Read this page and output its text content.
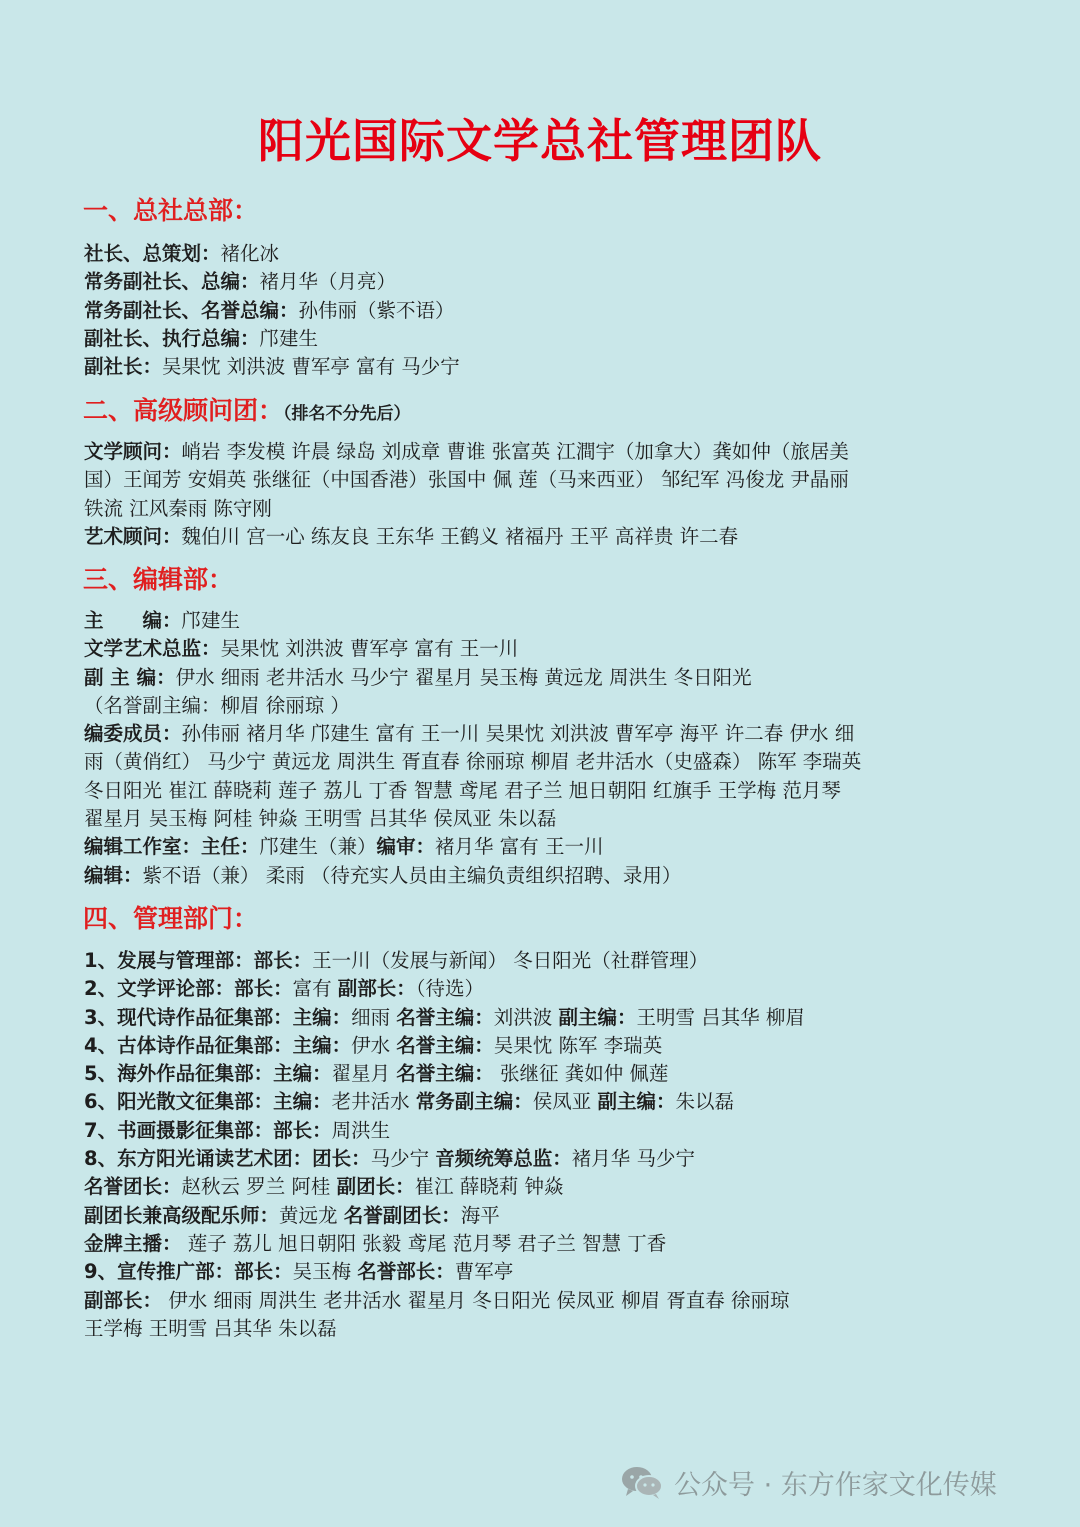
阳光国际文学总社管理团队
一、总社总部：
社长、总策划：褚化冰
常务副社长、总编：褚月华（月亮）
常务副社长、名誉总编：孙伟丽（紫不语）
副社长、执行总编：邝建生
副社长：吴果忱 刘洪波 曹军亭 富有 马少宁
二、高级顾问团：（排名不分先后）
文学顾问：峭岩 李发模 许晨 绿岛 刘成章 曹谁 张富英 江澗宇（加拿大）龚如仲（旅居美
国）王闻芳 安娟英 张继征（中国香港）张国中 佩 莲（马来西亚） 邹纪军 冯俊龙 尹晶丽
铁流 江风秦雨 陈守刚
艺术顾问：魏伯川 宫一心 练友良 王东华 王鹤义 褚福丹 王平 高祥贵 许二春
三、编辑部：
主　　编：邝建生
文学艺术总监：吴果忱 刘洪波 曹军亭 富有 王一川
副 主 编：伊水 细雨 老井活水 马少宁 翟星月 吴玉梅 黄远龙 周洪生 冬日阳光
（名誉副主编：柳眉 徐丽琼 ）
编委成员：孙伟丽 褚月华 邝建生 富有 王一川 吴果忱 刘洪波 曹军亭 海平 许二春 伊水 细
雨（黄俏红） 马少宁 黄远龙 周洪生 胥直春 徐丽琼 柳眉 老井活水（史盛森） 陈军 李瑞英
冬日阳光 崔江 薛晓莉 莲子 荔儿 丁香 智慧 鸢尾 君子兰 旭日朝阳 红旗手 王学梅 范月琴
翟星月 吴玉梅 阿桂 钟焱 王明雪 吕其华 侯凤亚 朱以磊
编辑工作室：主任：邝建生（兼）编审：褚月华 富有 王一川
编辑：紫不语（兼） 柔雨 （待充实人员由主编负责组织招聘、录用）
四、管理部门：
1、发展与管理部：部长：王一川（发展与新闻） 冬日阳光（社群管理）
2、文学评论部：部长：富有 副部长：（待选）
3、现代诗作品征集部：主编：细雨 名誉主编：刘洪波 副主编：王明雪 吕其华 柳眉
4、古体诗作品征集部：主编：伊水 名誉主编：吴果忱 陈军 李瑞英
5、海外作品征集部：主编：翟星月 名誉主编： 张继征 龚如仲 佩莲
6、阳光散文征集部：主编：老井活水 常务副主编：侯凤亚 副主编：朱以磊
7、书画摄影征集部：部长：周洪生
8、东方阳光诵读艺术团：团长：马少宁 音频统筹总监：褚月华 马少宁
名誉团长：赵秋云 罗兰 阿桂 副团长：崔江 薛晓莉 钟焱
副团长兼高级配乐师：黄远龙 名誉副团长：海平
金牌主播： 莲子 荔儿 旭日朝阳 张毅 鸢尾 范月琴 君子兰 智慧 丁香
9、宣传推广部：部长：吴玉梅 名誉部长：曹军亭
副部长： 伊水 细雨 周洪生 老井活水 翟星月 冬日阳光 侯凤亚 柳眉 胥直春 徐丽琼
王学梅 王明雪 吕其华 朱以磊
公众号 · 东方作家文化传媒
